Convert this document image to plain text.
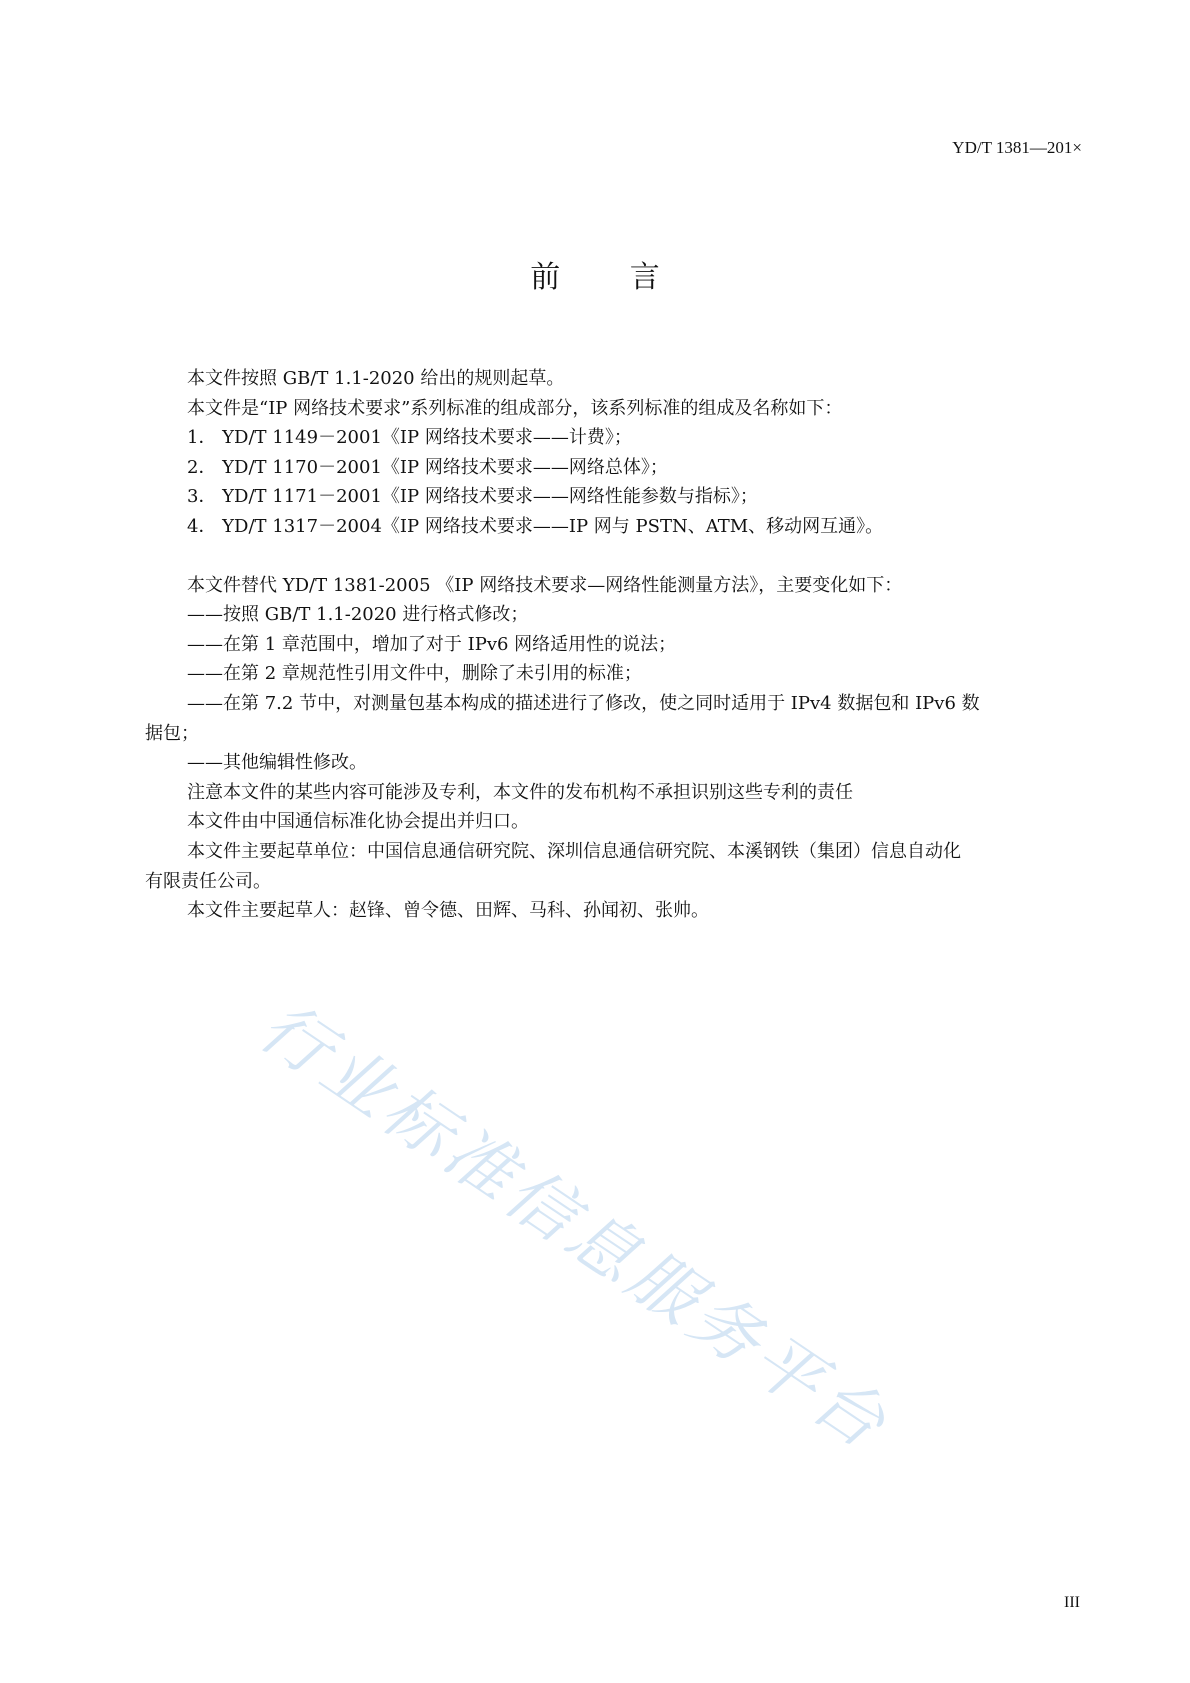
YD/T 1381—201×
前 言

本文件按照 GB/T 1.1-2020 给出的规则起草。

本文件是“IP 网络技术要求”系列标准的组成部分，该系列标准的组成及名称如下：

1． YD/T 1149－2001《IP 网络技术要求——计费》；

2． YD/T 1170－2001《IP 网络技术要求——网络总体》；

3． YD/T 1171－2001《IP 网络技术要求——网络性能参数与指标》；

4． YD/T 1317－2004《IP 网络技术要求——IP 网与 PSTN、ATM、移动网互通》。

本文件替代 YD/T 1381-2005 《IP 网络技术要求—网络性能测量方法》，主要变化如下：

——按照 GB/T 1.1-2020 进行格式修改；

——在第 1 章范围中，增加了对于 IPv6 网络适用性的说法；

——在第 2 章规范性引用文件中，删除了未引用的标准；

——在第 7.2 节中，对测量包基本构成的描述进行了修改，使之同时适用于 IPv4 数据包和 IPv6 数

据包；

——其他编辑性修改。

注意本文件的某些内容可能涉及专利，本文件的发布机构不承担识别这些专利的责任

本文件由中国通信标准化协会提出并归口。

本文件主要起草单位：中国信息通信研究院、深圳信息通信研究院、本溪钢铁（集团）信息自动化

有限责任公司。

本文件主要起草人：赵锋、曾令德、田辉、马科、孙闻初、张帅。

行业标准信息服务平台
III
